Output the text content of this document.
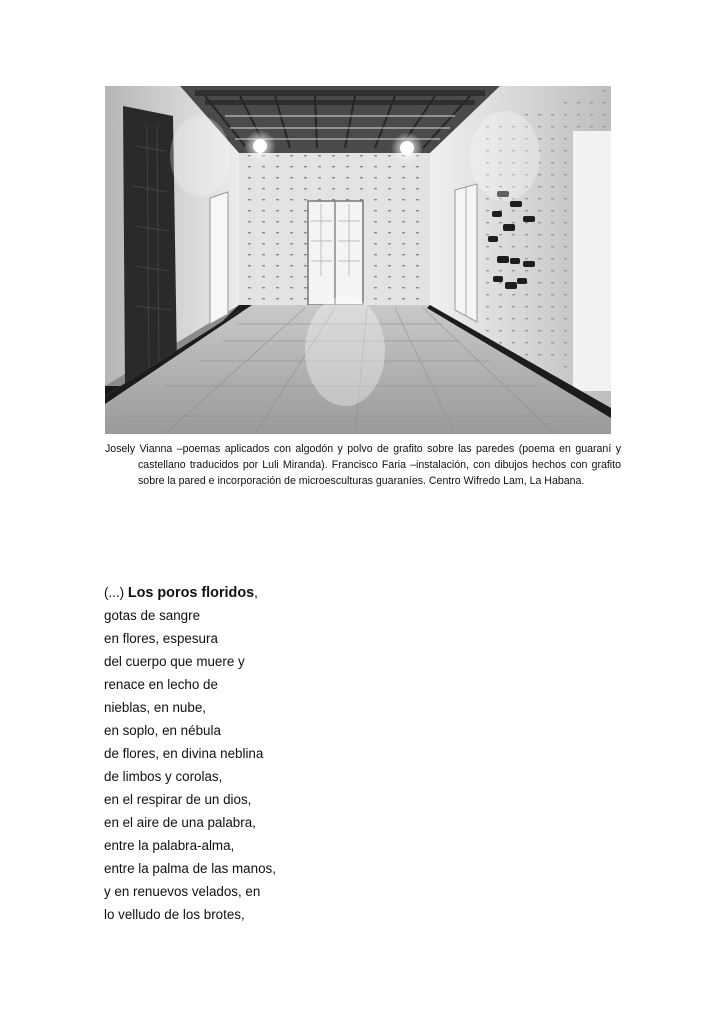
Josely Vianna –poemas aplicados con algodón y polvo de grafito sobre las paredes (poema en guaraní y castellano traducidos por Luli Miranda). Francisco Faria –instalación, con dibujos hechos con grafito sobre la pared e incorporación de microesculturas guaraníes. Centro Wifredo Lam, La Habana.

(...) Los poros floridos,
gotas de sangre
en flores, espesura
del cuerpo que muere y
renace en lecho de
nieblas, en nube,
en soplo, en nébula
de flores, en divina neblina
de limbos y corolas,
en el respirar de un dios,
en el aire de una palabra,
entre la palabra-alma,
entre la palma de las manos,
y en renuevos velados, en
lo velludo de los brotes,
